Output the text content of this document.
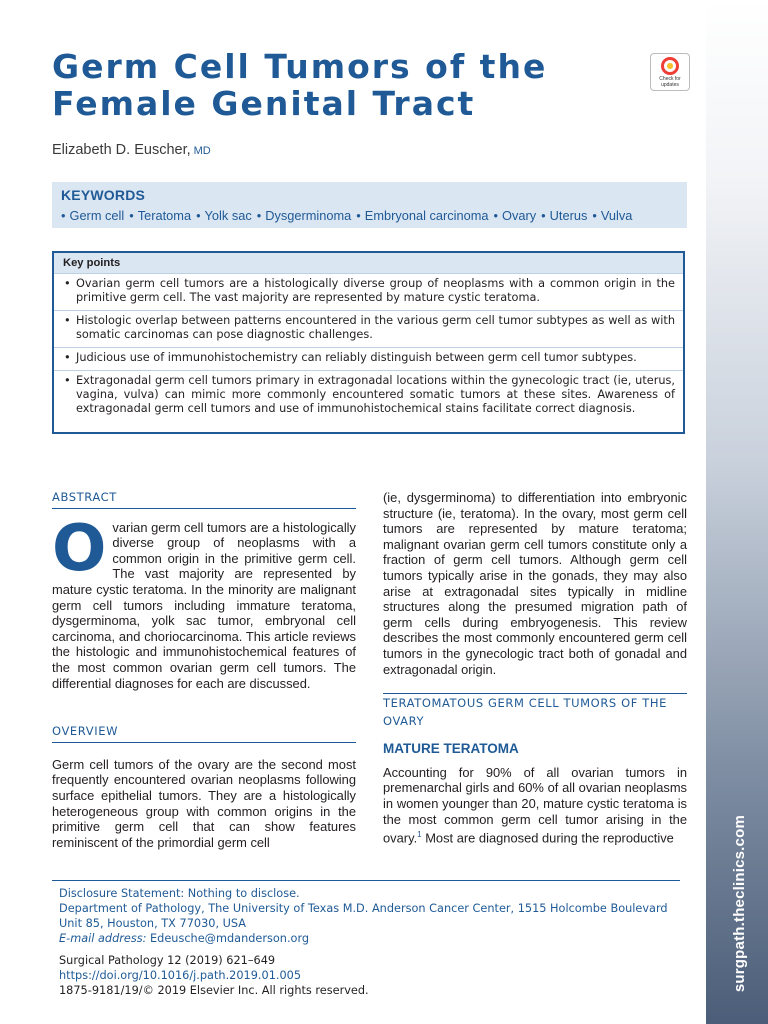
surgpath.theclinics.com
Germ Cell Tumors of the Female Genital Tract
Check for updates
Elizabeth D. Euscher, MD
KEYWORDS
• Germ cell	• Teratoma	• Yolk sac	• Dysgerminoma	• Embryonal carcinoma	• Ovary	• Uterus	• Vulva
Key points
• Ovarian germ cell tumors are a histologically diverse group of neoplasms with a common origin in the primitive germ cell. The vast majority are represented by mature cystic teratoma.
• Histologic overlap between patterns encountered in the various germ cell tumor subtypes as well as with somatic carcinomas can pose diagnostic challenges.
• Judicious use of immunohistochemistry can reliably distinguish between germ cell tumor subtypes.
• Extragonadal germ cell tumors primary in extragonadal locations within the gynecologic tract (ie, uterus, vagina, vulva) can mimic more commonly encountered somatic tumors at these sites. Awareness of extragonadal germ cell tumors and use of immunohistochemical stains facilitate correct diagnosis.
ABSTRACT

Ovarian germ cell tumors are a histologically diverse group of neoplasms with a common origin in the primitive germ cell. The vast majority are represented by mature cystic teratoma. In the minority are malignant germ cell tumors including immature teratoma, dysgerminoma, yolk sac tumor, embryonal cell carcinoma, and choriocarcinoma. This article reviews the histologic and immunohistochemical features of the most common ovarian germ cell tumors. The differential diagnoses for each are discussed.

OVERVIEW

Germ cell tumors of the ovary are the second most frequently encountered ovarian neoplasms following surface epithelial tumors. They are a histologically heterogeneous group with common origins in the primitive germ cell that can show features reminiscent of the primordial germ cell

(ie, dysgerminoma) to differentiation into embryonic structure (ie, teratoma). In the ovary, most germ cell tumors are represented by mature teratoma; malignant ovarian germ cell tumors constitute only a fraction of germ cell tumors. Although germ cell tumors typically arise in the gonads, they may also arise at extragonadal sites typically in midline structures along the presumed migration path of germ cells during embryogenesis. This review describes the most commonly encountered germ cell tumors in the gynecologic tract both of gonadal and extragonadal origin.

TERATOMATOUS GERM CELL TUMORS OF THE OVARY
MATURE TERATOMA

Accounting for 90% of all ovarian tumors in premenarchal girls and 60% of all ovarian neoplasms in women younger than 20, mature cystic teratoma is the most common germ cell tumor arising in the ovary.$^1$ Most are diagnosed during the reproductive

Disclosure Statement: Nothing to disclose.

Department of Pathology, The University of Texas M.D. Anderson Cancer Center, 1515 Holcombe Boulevard Unit 85, Houston, TX 77030, USA

E-mail address: Edeusche@mdanderson.org

Surgical Pathology 12 (2019) 621–649

https://doi.org/10.1016/j.path.2019.01.005

1875-9181/19/© 2019 Elsevier Inc. All rights reserved.
